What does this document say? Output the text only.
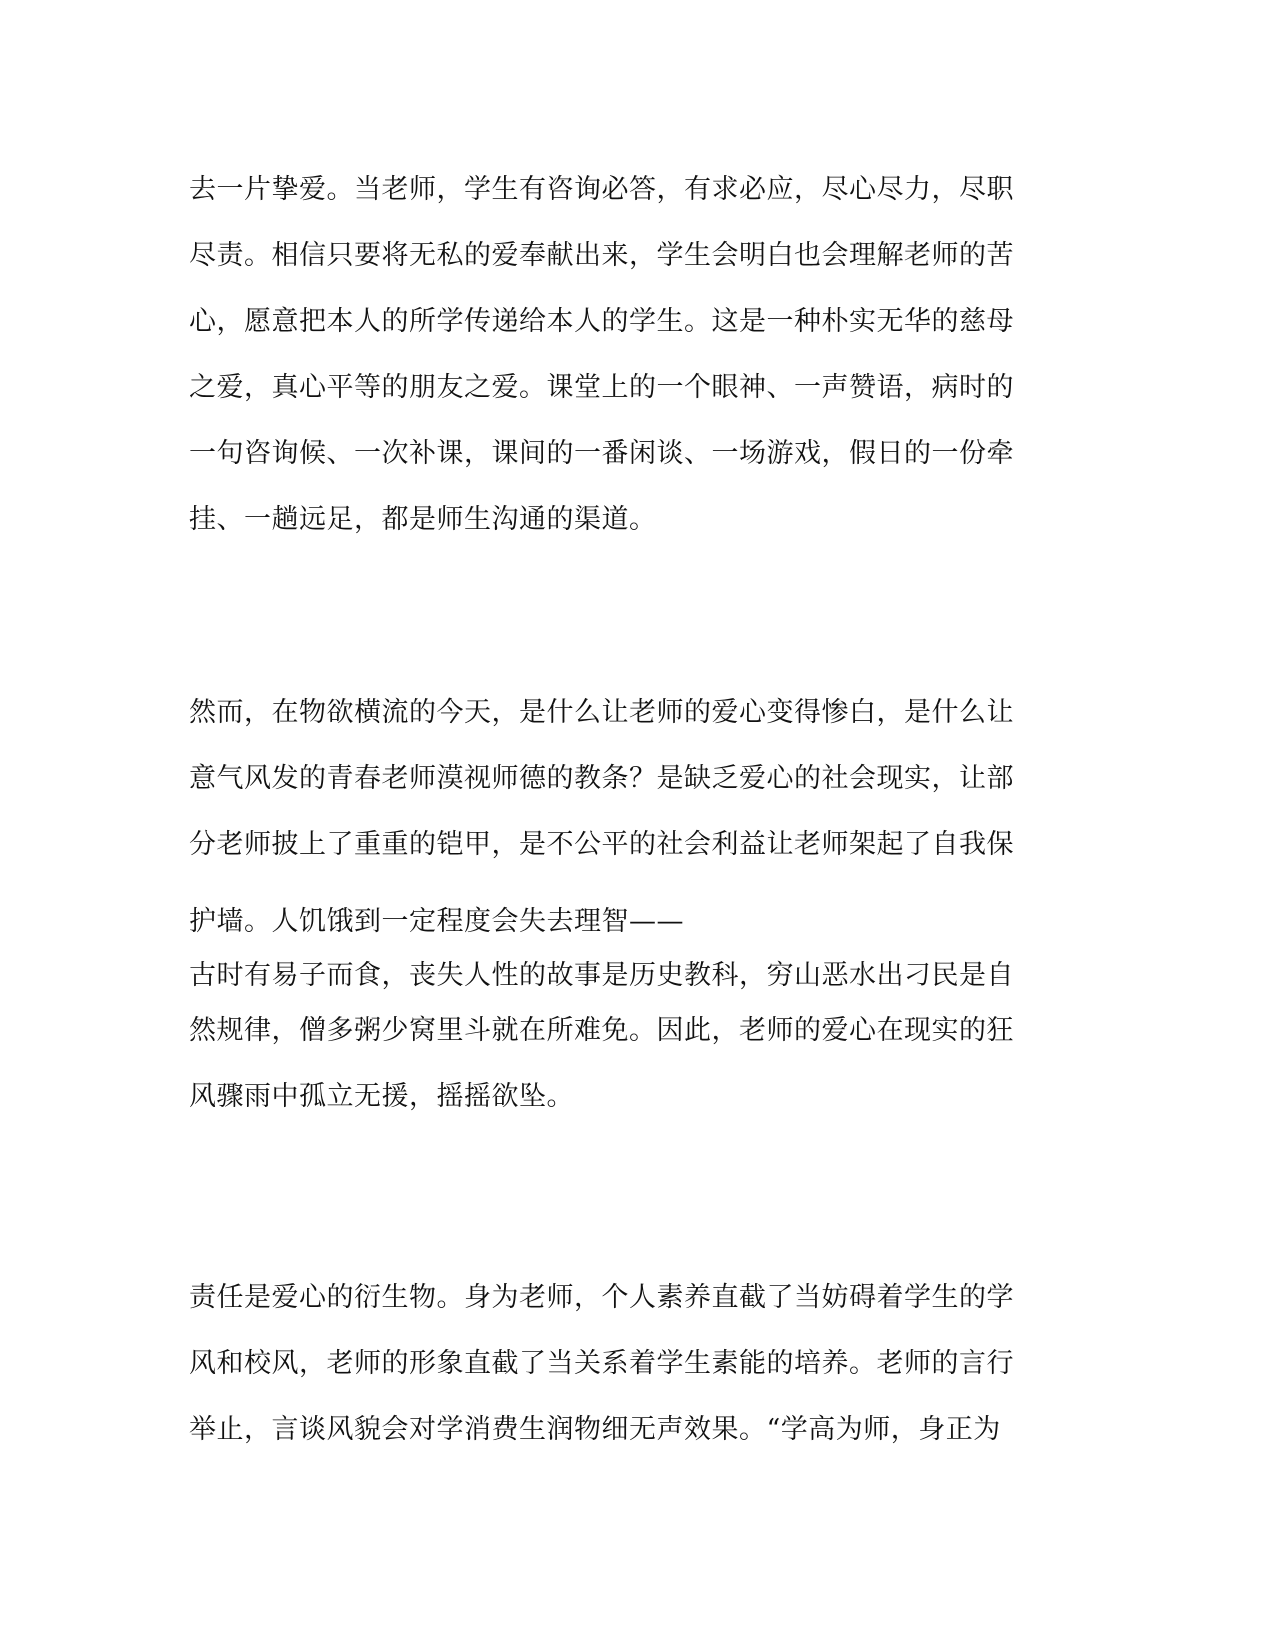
去一片挚爱。当老师，学生有咨询必答，有求必应，尽心尽力，尽职
尽责。相信只要将无私的爱奉献出来，学生会明白也会理解老师的苦
心，愿意把本人的所学传递给本人的学生。这是一种朴实无华的慈母
之爱，真心平等的朋友之爱。课堂上的一个眼神、一声赞语，病时的
一句咨询候、一次补课，课间的一番闲谈、一场游戏，假日的一份牵
挂、一趟远足，都是师生沟通的渠道。

然而，在物欲横流的今天，是什么让老师的爱心变得惨白，是什么让
意气风发的青春老师漠视师德的教条？是缺乏爱心的社会现实，让部
分老师披上了重重的铠甲，是不公平的社会利益让老师架起了自我保
护墙。人饥饿到一定程度会失去理智——
古时有易子而食，丧失人性的故事是历史教科，穷山恶水出刁民是自
然规律，僧多粥少窝里斗就在所难免。因此，老师的爱心在现实的狂
风骤雨中孤立无援，摇摇欲坠。

责任是爱心的衍生物。身为老师，个人素养直截了当妨碍着学生的学
风和校风，老师的形象直截了当关系着学生素能的培养。老师的言行
举止，言谈风貌会对学消费生润物细无声效果。“学高为师，身正为
